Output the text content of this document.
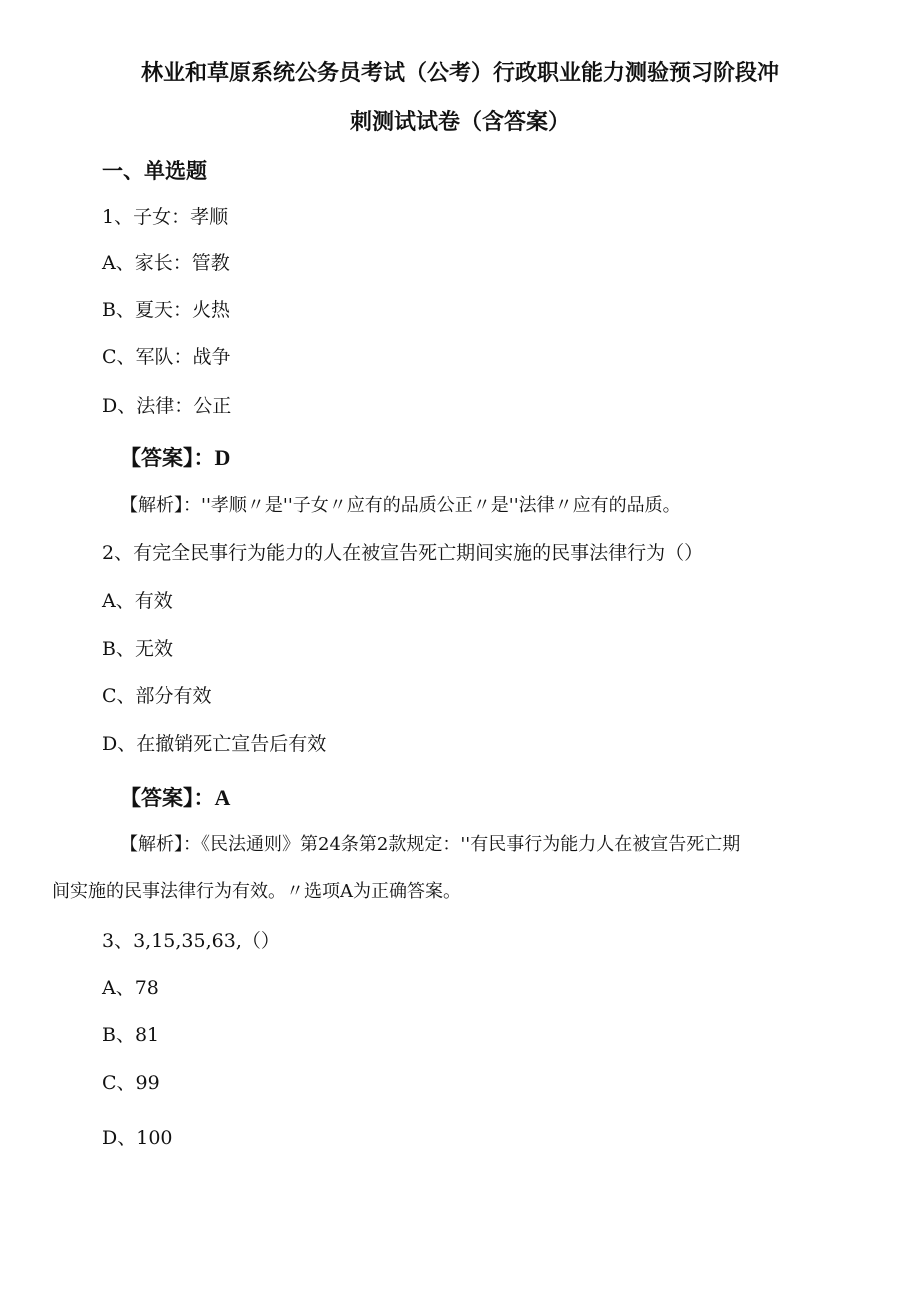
林业和草原系统公务员考试（公考）行政职业能力测验预习阶段冲
刺测试试卷（含答案）
一、单选题
1、子女：孝顺
A、家长：管教
B、夏天：火热
C、军队：战争
D、法律：公正
【答案】：D
【解析】：''孝顺〃是''子女〃应有的品质公正〃是''法律〃应有的品质。
2、有完全民事行为能力的人在被宣告死亡期间实施的民事法律行为（）
A、有效
B、无效
C、部分有效
D、在撤销死亡宣告后有效
【答案】：A
【解析】：《民法通则》第24条第2款规定：''有民事行为能力人在被宣告死亡期
间实施的民事法律行为有效。〃选项A为正确答案。
3、3,15,35,63,（）
A、78
B、81
C、99
D、100
